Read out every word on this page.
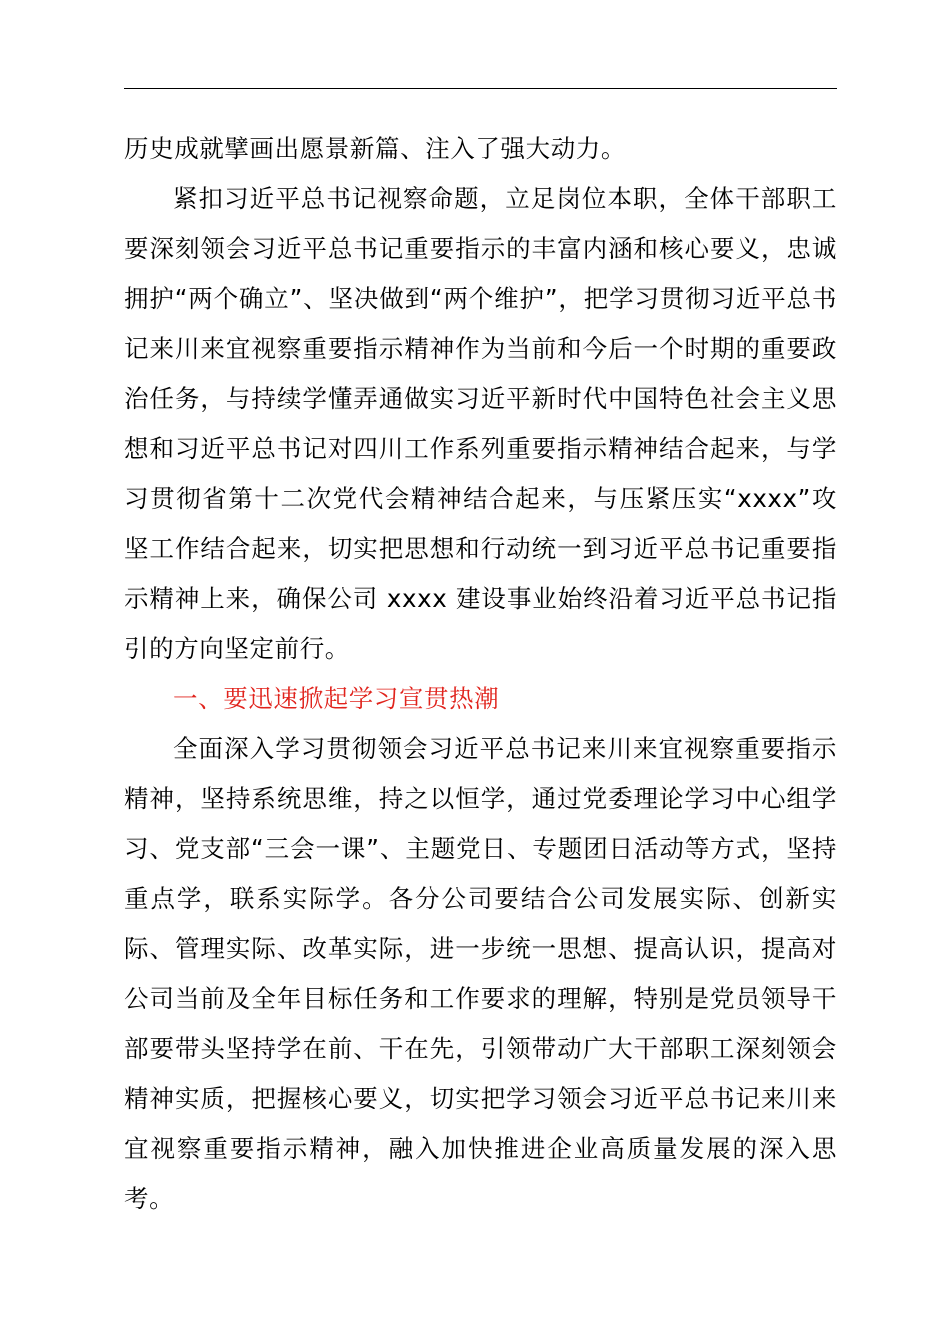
历史成就擘画出愿景新篇、注入了强大动力。

紧扣习近平总书记视察命题，立足岗位本职，全体干部职工要深刻领会习近平总书记重要指示的丰富内涵和核心要义，忠诚拥护“两个确立”、坚决做到“两个维护”，把学习贯彻习近平总书记来川来宜视察重要指示精神作为当前和今后一个时期的重要政治任务，与持续学懂弄通做实习近平新时代中国特色社会主义思想和习近平总书记对四川工作系列重要指示精神结合起来，与学习贯彻省第十二次党代会精神结合起来，与压紧压实“xxxx”攻坚工作结合起来，切实把思想和行动统一到习近平总书记重要指示精神上来，确保公司 xxxx 建设事业始终沿着习近平总书记指引的方向坚定前行。

一、要迅速掀起学习宣贯热潮

全面深入学习贯彻领会习近平总书记来川来宜视察重要指示精神，坚持系统思维，持之以恒学，通过党委理论学习中心组学习、党支部“三会一课”、主题党日、专题团日活动等方式，坚持重点学，联系实际学。各分公司要结合公司发展实际、创新实际、管理实际、改革实际，进一步统一思想、提高认识，提高对公司当前及全年目标任务和工作要求的理解，特别是党员领导干部要带头坚持学在前、干在先，引领带动广大干部职工深刻领会精神实质，把握核心要义，切实把学习领会习近平总书记来川来宜视察重要指示精神，融入加快推进企业高质量发展的深入思考。
